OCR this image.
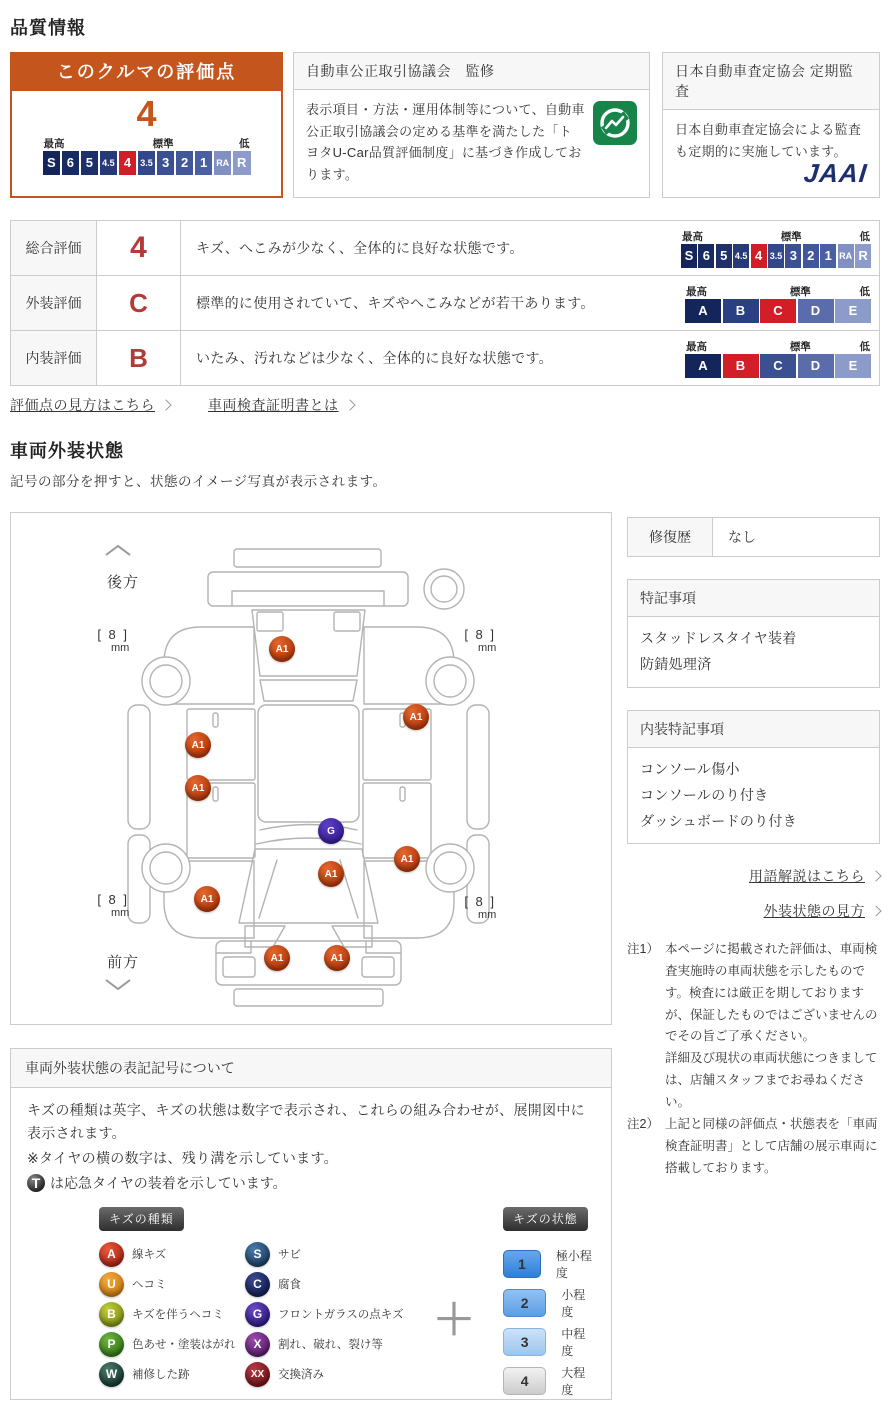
品質情報
このクルマの評価点
4
最高	標準	低
S 6 5	4.5 4	3.5 3 2 1 RA R
自動車公正取引協議会　監修
表示項目・方法・運用体制等について、自動車公正取引協議会の定める基準を満たした「トヨタU-Car品質評価制度」に基づき作成しております。
日本自動車査定協会 定期監査
日本自動車査定協会による監査も定期的に実施しています。
JAAI
総合評価	4	キズ、へこみが少なく、全体的に良好な状態です。
最高	標準	低
S 6 5 4.5 4 3.5 3 2 1 RA R
外装評価	C	標準的に使用されていて、キズやへこみなどが若干あります。
最高	標準	低
A	B	C	D	E
内装評価	B	いたみ、汚れなどは少なく、全体的に良好な状態です。
最高	標準	低
A	B	C	D	E
評価点の見方はこちら	車両検査証明書とは
車両外装状態
記号の部分を押すと、状態のイメージ写真が表示されます。
後方
前方
[ 8 ]
mm
[ 8 ]
mm
[ 8 ]
mm
[ 8 ]
mm
A1
A1
A1
A1
G
A1
A1
A1
A1	A1
修復歴	なし
特記事項
スタッドレスタイヤ装着
防錆処理済
内装特記事項
コンソール傷小
コンソールのり付き
ダッシュボードのり付き
用語解説はこちら
外装状態の見方
注1） 本ページに掲載された評価は、車両検査実施時の車両状態を示したものです。検査には厳正を期しておりますが、保証したものではございませんのでその旨ご了承ください。

詳細及び現状の車両状態につきましては、店舗スタッフまでお尋ねください。

注2） 上記と同様の評価点・状態表を「車両検査証明書」として店舗の展示車両に搭載しております。

車両外装状態の表記記号について

キズの種類は英字、キズの状態は数字で表示され、これらの組み合わせが、展開図中に表示されます。

※タイヤの横の数字は、残り溝を示しています。

T は応急タイヤの装着を示しています。
キズの種類
A	線キズ	S	サビ
U	ヘコミ	C	腐食
B	キズを伴うヘコミ	G	フロントガラスの点キズ
P	色あせ・塗装はがれ	X	割れ、破れ、裂け等
W	補修した跡	XX	交換済み
＋
キズの状態
1	極小程度
2	小程度
3	中程度
4	大程度
